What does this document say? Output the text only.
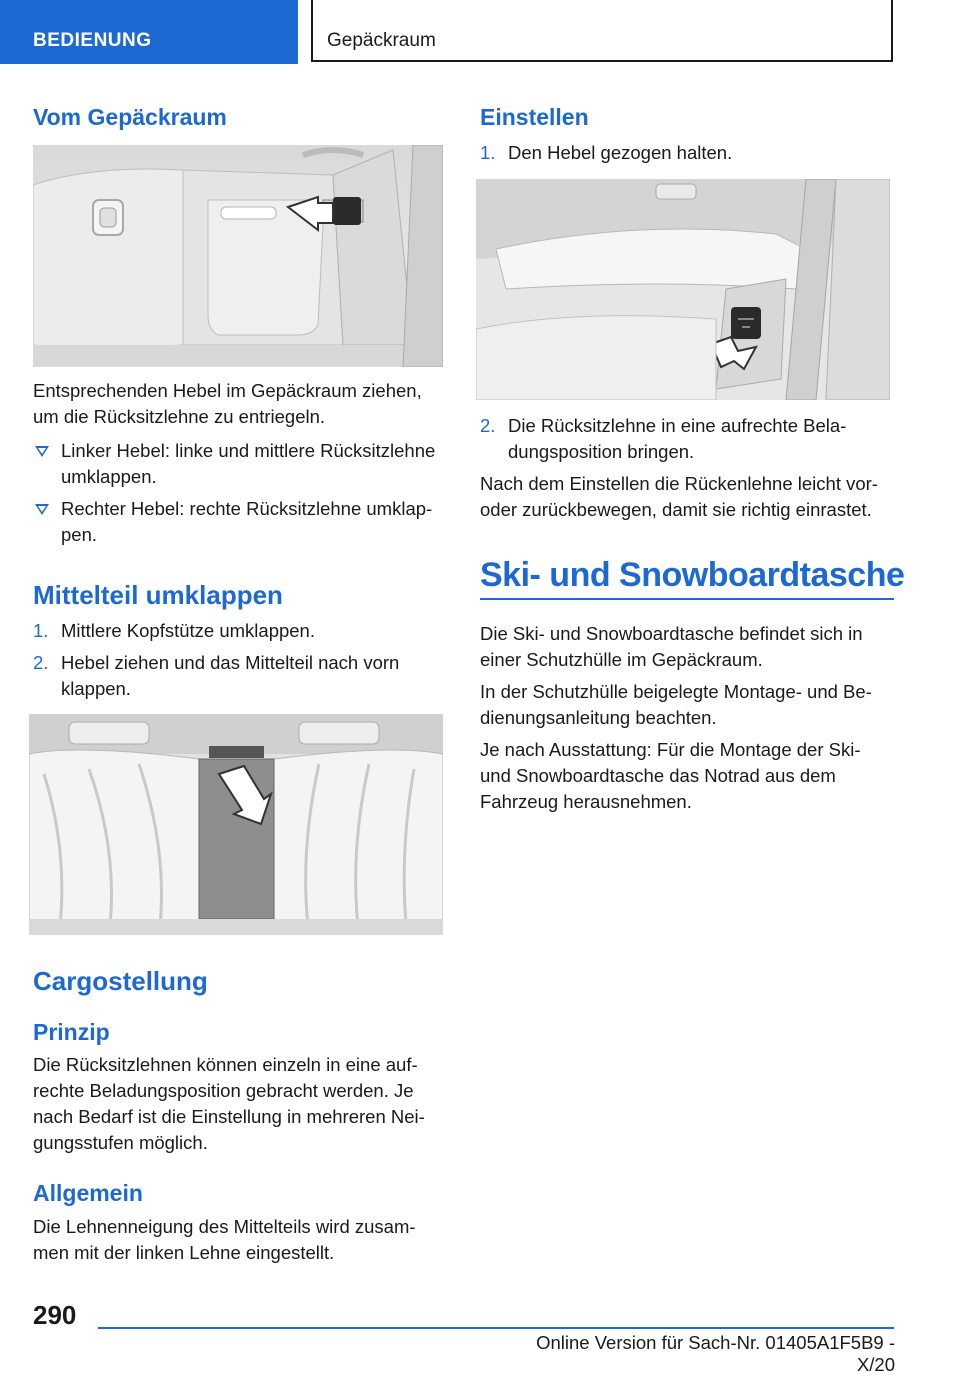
BEDIENUNG	Gepäckraum
Vom Gepäckraum

Entsprechenden Hebel im Gepäckraum ziehen,
um die Rücksitzlehne zu entriegeln.

Linker Hebel: linke und mittlere Rücksitzlehne
umklappen.
Rechter Hebel: rechte Rücksitzlehne umklap-
pen.
Mittelteil umklappen
1. Mittlere Kopfstütze umklappen.
2. Hebel ziehen und das Mittelteil nach vorn
klappen.
Cargostellung
Prinzip

Die Rücksitzlehnen können einzeln in eine auf-
rechte Beladungsposition gebracht werden. Je
nach Bedarf ist die Einstellung in mehreren Nei-
gungsstufen möglich.

Allgemein

Die Lehnenneigung des Mittelteils wird zusam-
men mit der linken Lehne eingestellt.

Einstellen
1. Den Hebel gezogen halten.
2. Die Rücksitzlehne in eine aufrechte Bela-
dungsposition bringen.

Nach dem Einstellen die Rückenlehne leicht vor-
oder zurückbewegen, damit sie richtig einrastet.

Ski- und Snowboardtasche

Die Ski- und Snowboardtasche befindet sich in
einer Schutzhülle im Gepäckraum.

In der Schutzhülle beigelegte Montage- und Be-
dienungsanleitung beachten.

Je nach Ausstattung: Für die Montage der Ski-
und Snowboardtasche das Notrad aus dem
Fahrzeug herausnehmen.

290
Online Version für Sach-Nr. 01405A1F5B9 - X/20
